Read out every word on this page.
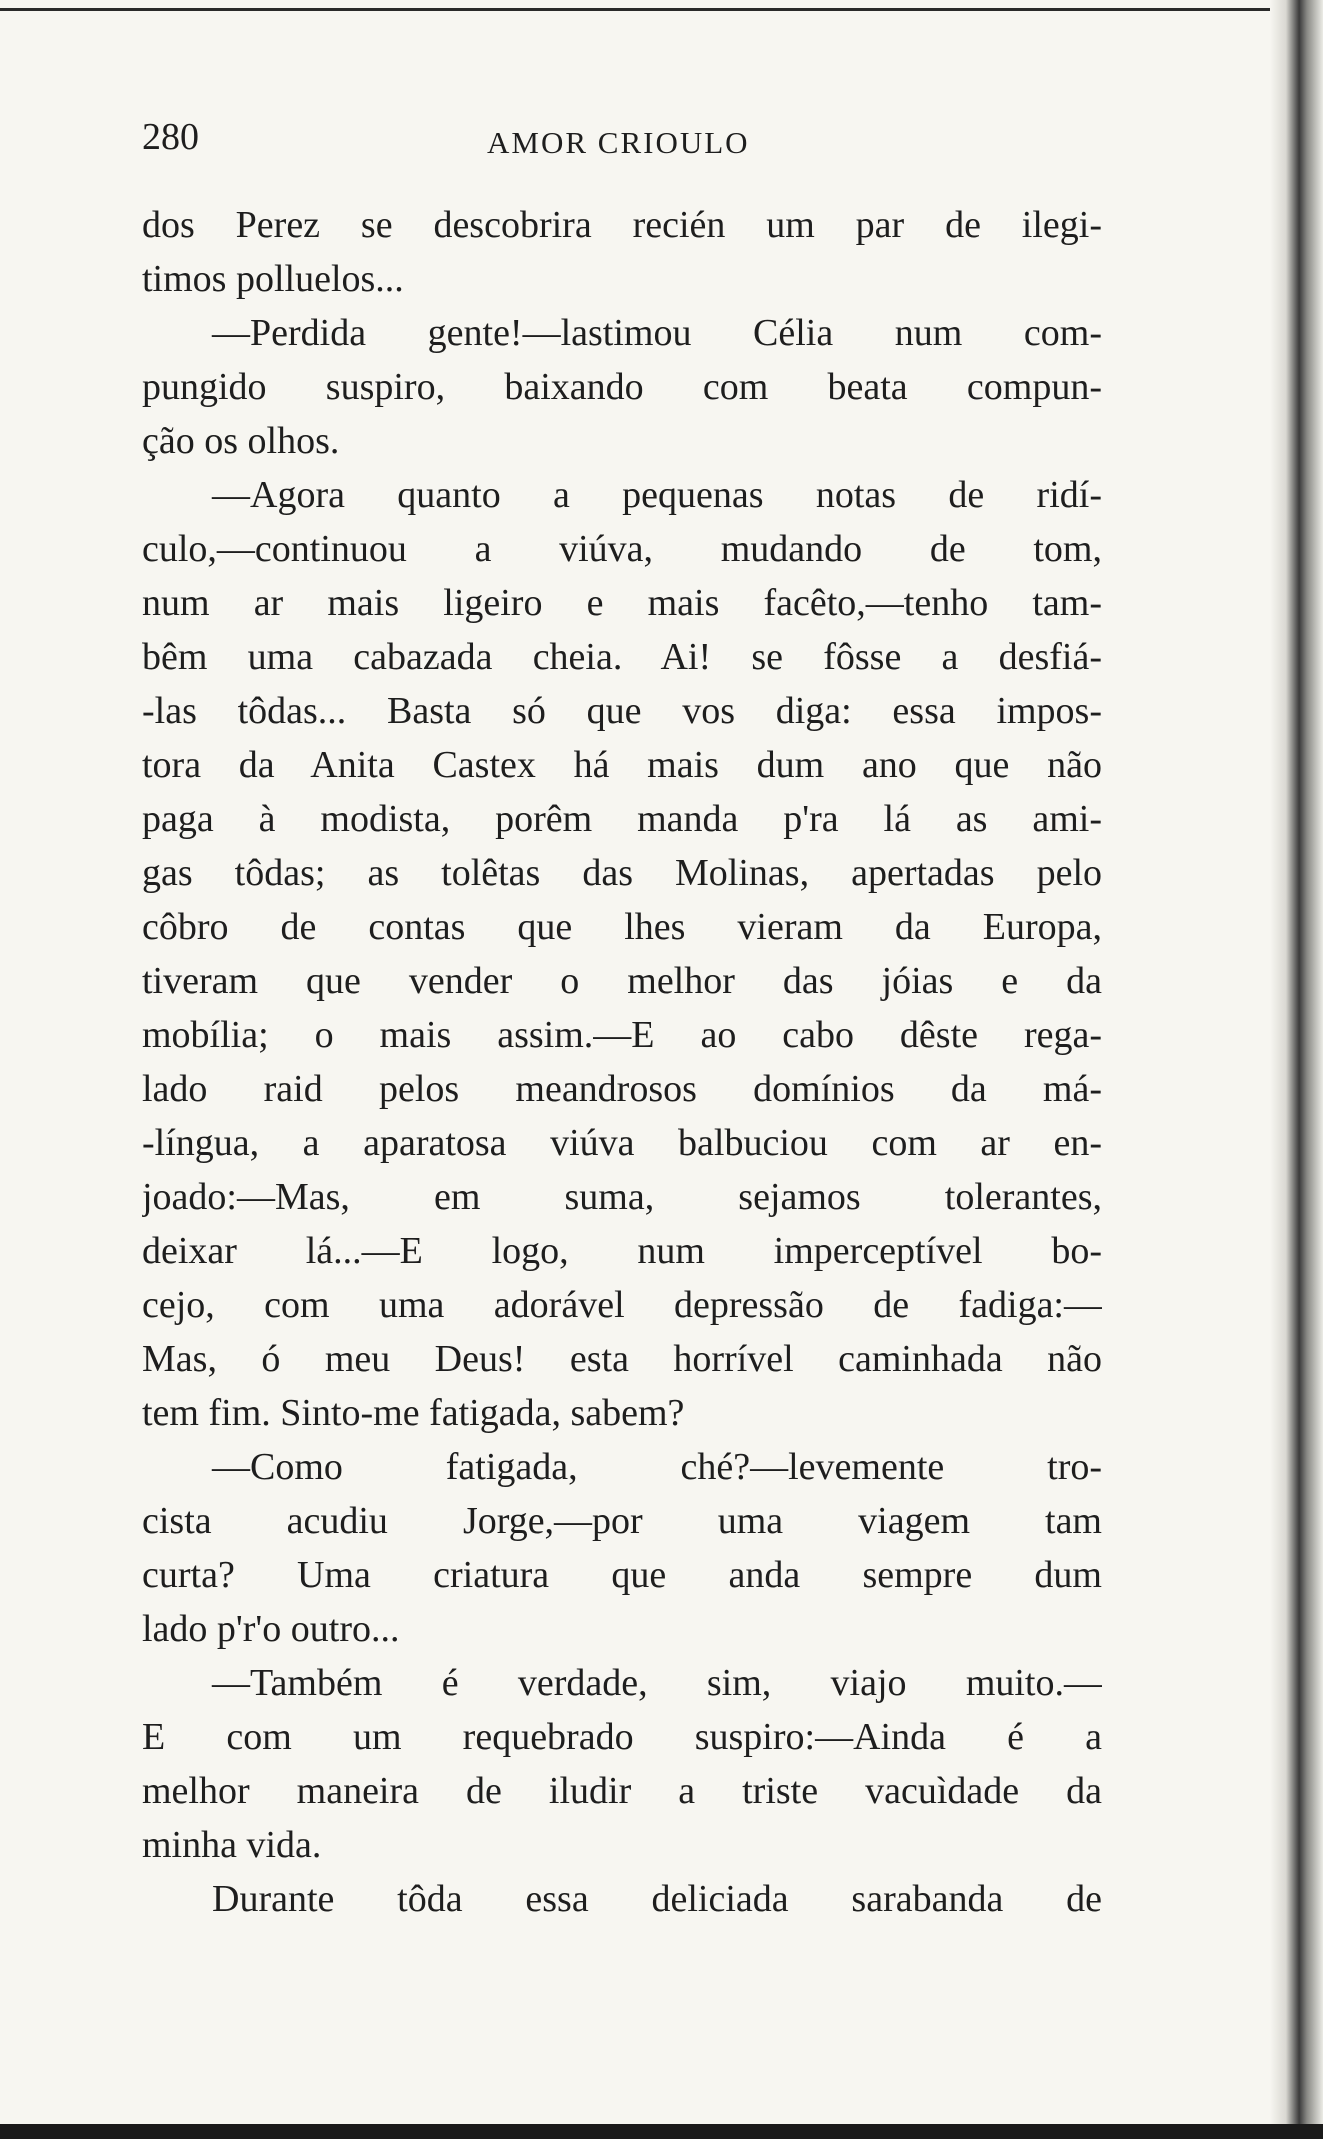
280	AMOR CRIOULO
dos Perez se descobrira recién um par de ilegi-
timos polluelos...
—Perdida gente!—lastimou Célia num com-
pungido suspiro, baixando com beata compun-
ção os olhos.
—Agora quanto a pequenas notas de ridí-
culo,—continuou a viúva, mudando de tom,
num ar mais ligeiro e mais facêto,—tenho tam-
bêm uma cabazada cheia. Ai! se fôsse a desfiá-
-las tôdas... Basta só que vos diga: essa impos-
tora da Anita Castex há mais dum ano que não
paga à modista, porêm manda p'ra lá as ami-
gas tôdas; as tolêtas das Molinas, apertadas pelo
côbro de contas que lhes vieram da Europa,
tiveram que vender o melhor das jóias e da
mobília; o mais assim.—E ao cabo dêste rega-
lado raid pelos meandrosos domínios da má-
-língua, a aparatosa viúva balbuciou com ar en-
joado:—Mas, em suma, sejamos tolerantes,
deixar lá...—E logo, num imperceptível bo-
cejo, com uma adorável depressão de fadiga:—
Mas, ó meu Deus! esta horrível caminhada não
tem fim. Sinto-me fatigada, sabem?
—Como fatigada, ché?—levemente tro-
cista acudiu Jorge,—por uma viagem tam
curta? Uma criatura que anda sempre dum
lado p'r'o outro...
—Também é verdade, sim, viajo muito.—
E com um requebrado suspiro:—Ainda é a
melhor maneira de iludir a triste vacuìdade da
minha vida.
Durante tôda essa deliciada sarabanda de
